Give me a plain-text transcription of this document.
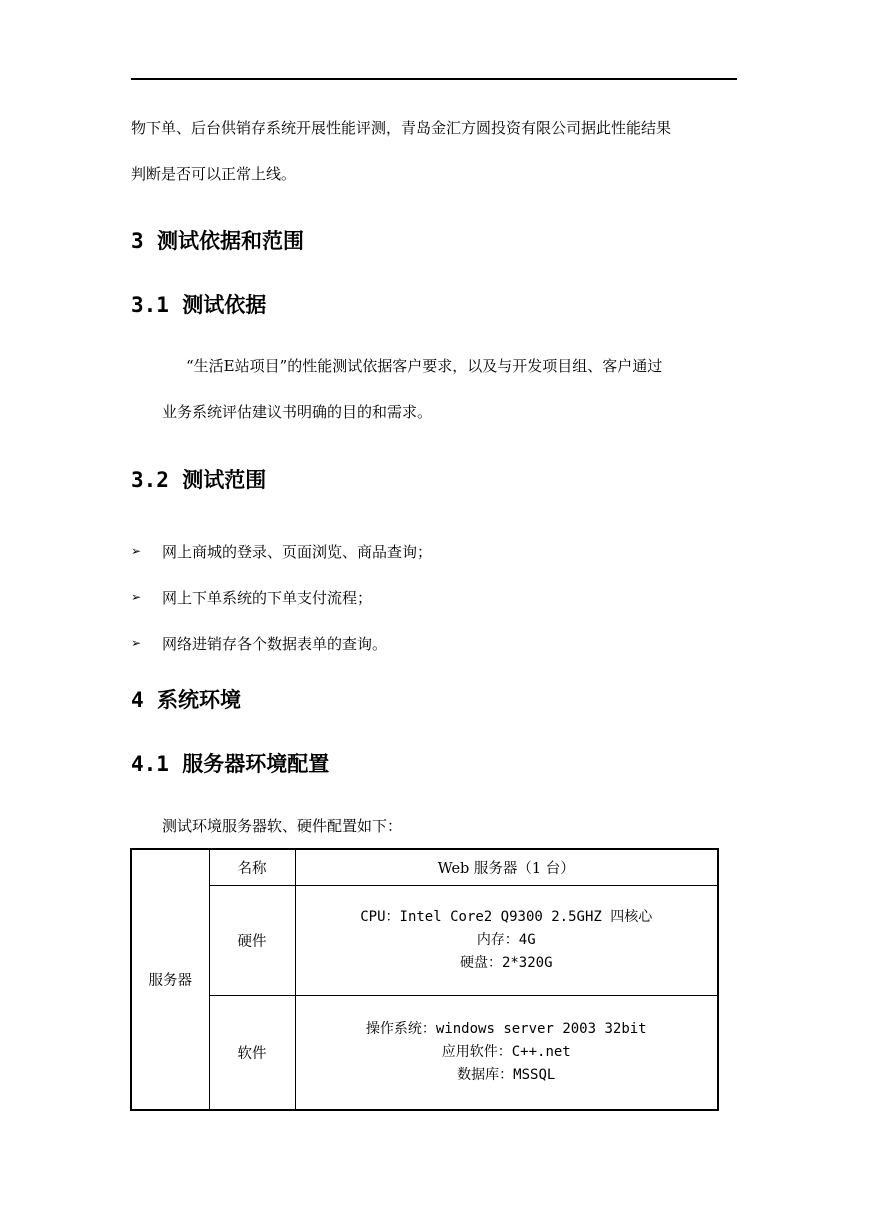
物下单、后台供销存系统开展性能评测，青岛金汇方圆投资有限公司据此性能结果
判断是否可以正常上线。
3 测试依据和范围
3.1 测试依据
“生活E站项目”的性能测试依据客户要求，以及与开发项目组、客户通过
业务系统评估建议书明确的目的和需求。
3.2 测试范围
➢ 网上商城的登录、页面浏览、商品查询；
➢ 网上下单系统的下单支付流程；
➢ 网络进销存各个数据表单的查询。
4 系统环境
4.1 服务器环境配置
测试环境服务器软、硬件配置如下：
服务器	名称	Web 服务器（1 台）
	硬件	CPU：Intel Core2 Q9300 2.5GHZ 四核心
内存：4G
硬盘：2*320G

	软件	操作系统：windows server 2003 32bit
应用软件：C++.net
数据库：MSSQL
